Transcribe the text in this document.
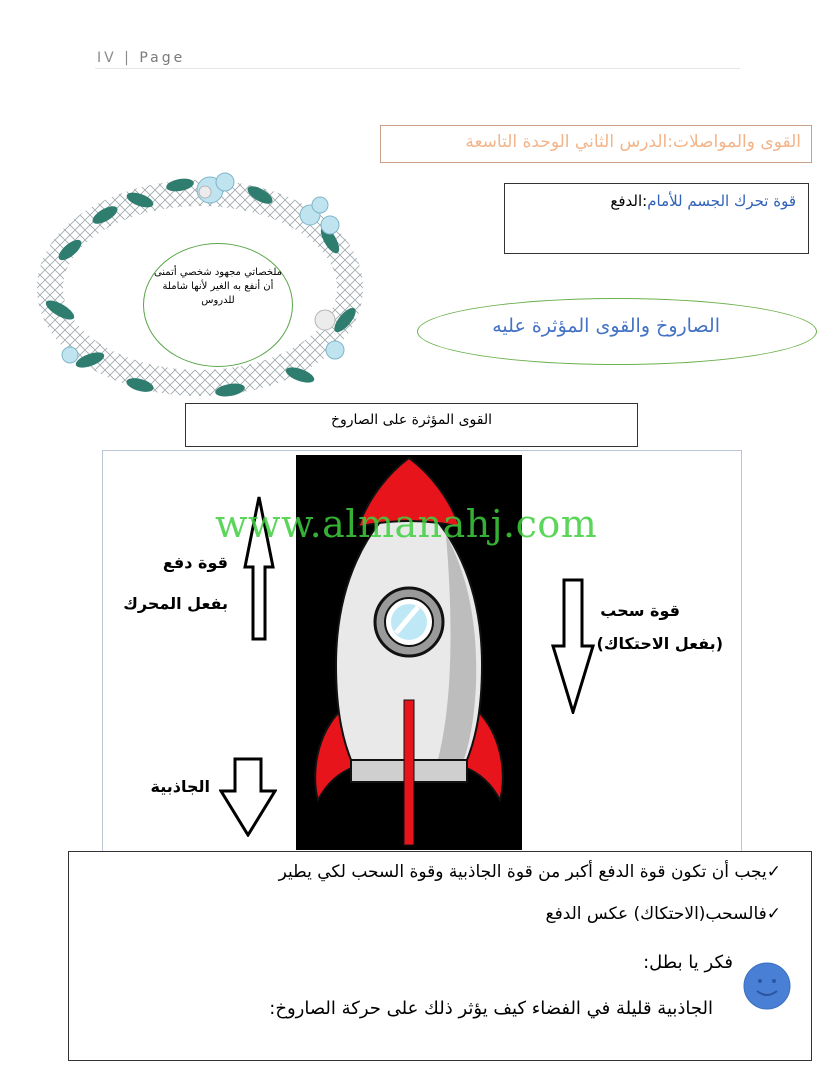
IV | Page
القوى والمواصلات:الدرس الثاني الوحدة التاسعة
قوة تحرك الجسم للأمام:الدفع
ملخصاتي مجهود شخصي أتمنى أن أنفع به الغير لأنها شاملة للدروس
الصاروخ والقوى المؤثرة عليه
القوى المؤثرة على الصاروخ
قوة دفع
بفعل المحرك	قوة سحب
(بفعل الاحتكاك)
الجاذبية
www.almanahj.com
✓يجب أن تكون قوة الدفع أكبر من قوة الجاذبية وقوة السحب لكي يطير
✓فالسحب(الاحتكاك) عكس الدفع
فكر يا بطل:
الجاذبية قليلة في الفضاء كيف يؤثر ذلك على حركة الصاروخ:
